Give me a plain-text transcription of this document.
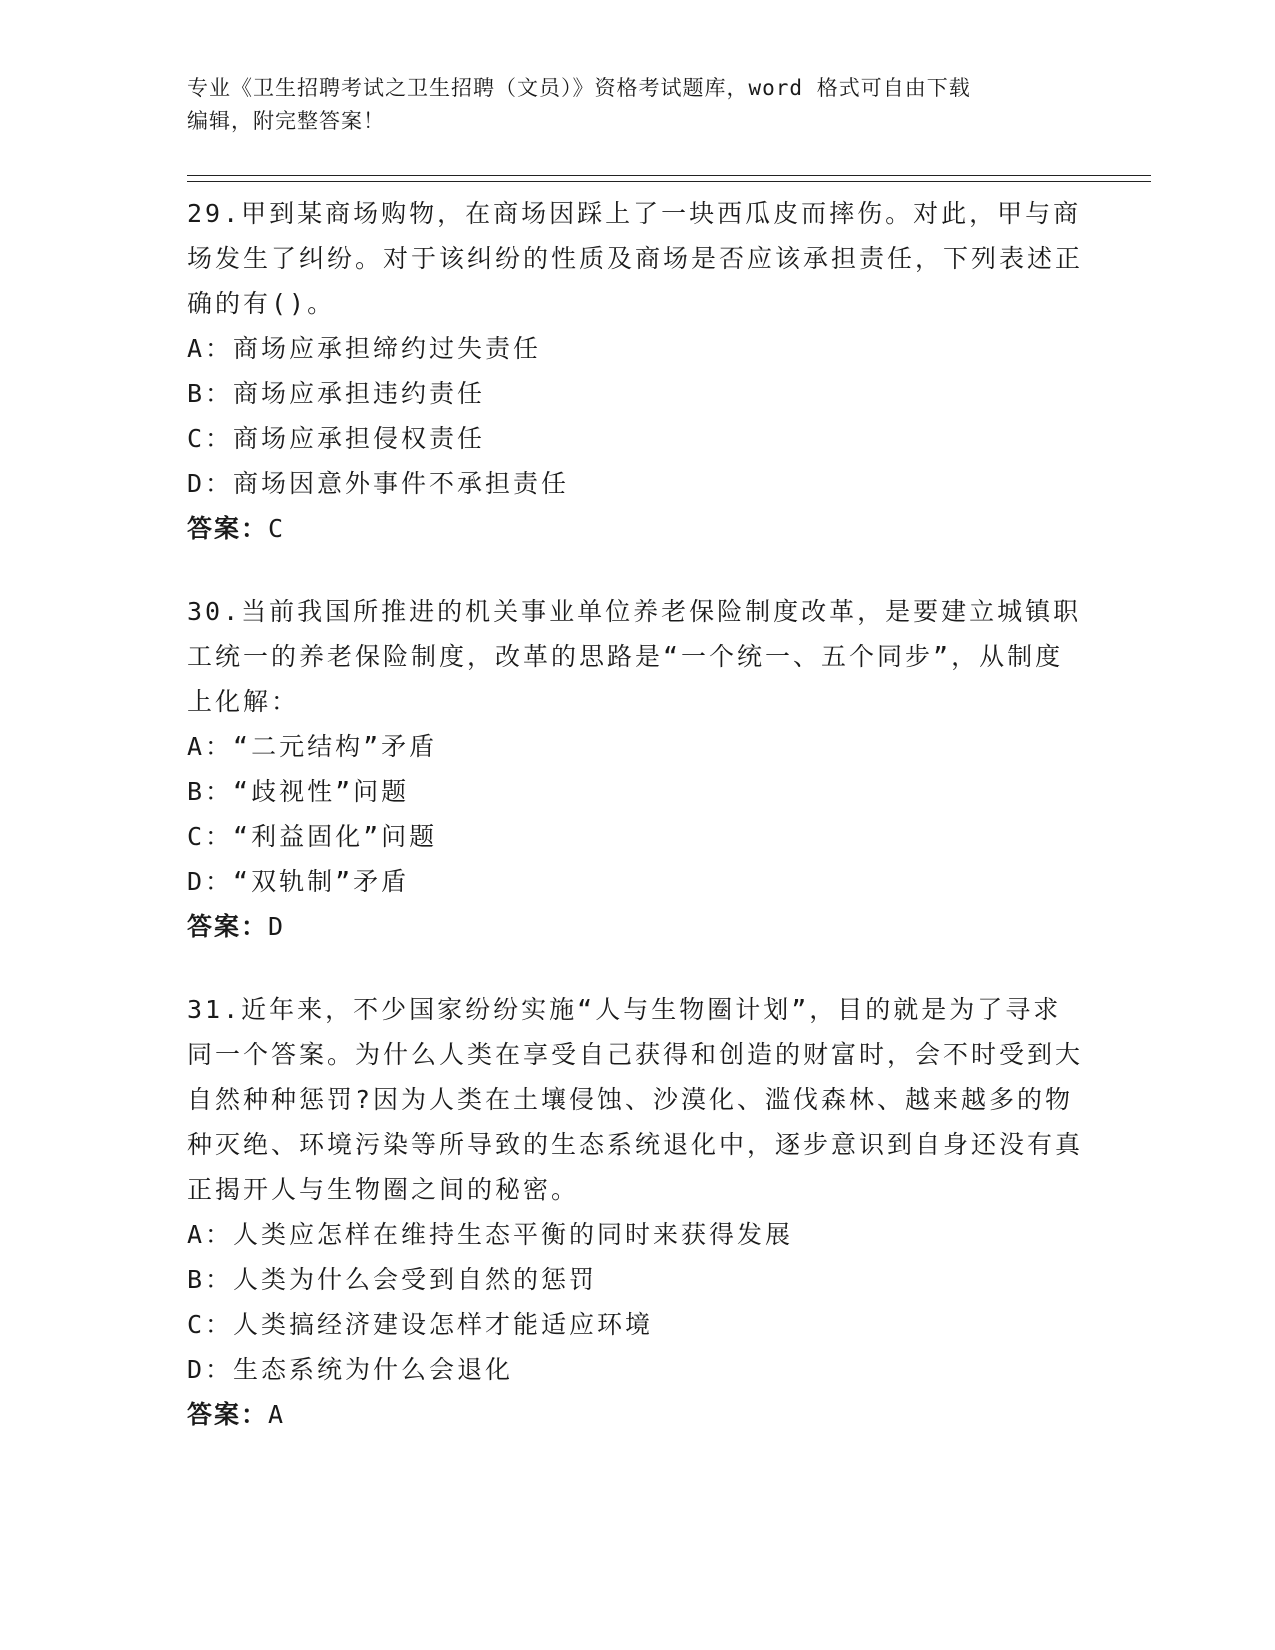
专业《卫生招聘考试之卫生招聘（文员）》资格考试题库，word 格式可自由下载
编辑，附完整答案！

29.甲到某商场购物，在商场因踩上了一块西瓜皮而摔伤。对此，甲与商场发生了纠纷。对于该纠纷的性质及商场是否应该承担责任，下列表述正确的有()。

A：商场应承担缔约过失责任
B：商场应承担违约责任
C：商场应承担侵权责任
D：商场因意外事件不承担责任

答案：C

30.当前我国所推进的机关事业单位养老保险制度改革，是要建立城镇职工统一的养老保险制度，改革的思路是“一个统一、五个同步”，从制度上化解：

A：“二元结构”矛盾
B：“歧视性”问题
C：“利益固化”问题
D：“双轨制”矛盾

答案：D

31.近年来，不少国家纷纷实施“人与生物圈计划”，目的就是为了寻求同一个答案。为什么人类在享受自己获得和创造的财富时，会不时受到大自然种种惩罚?因为人类在土壤侵蚀、沙漠化、滥伐森林、越来越多的物种灭绝、环境污染等所导致的生态系统退化中，逐步意识到自身还没有真正揭开人与生物圈之间的秘密。

A：人类应怎样在维持生态平衡的同时来获得发展
B：人类为什么会受到自然的惩罚
C：人类搞经济建设怎样才能适应环境
D：生态系统为什么会退化

答案：A
